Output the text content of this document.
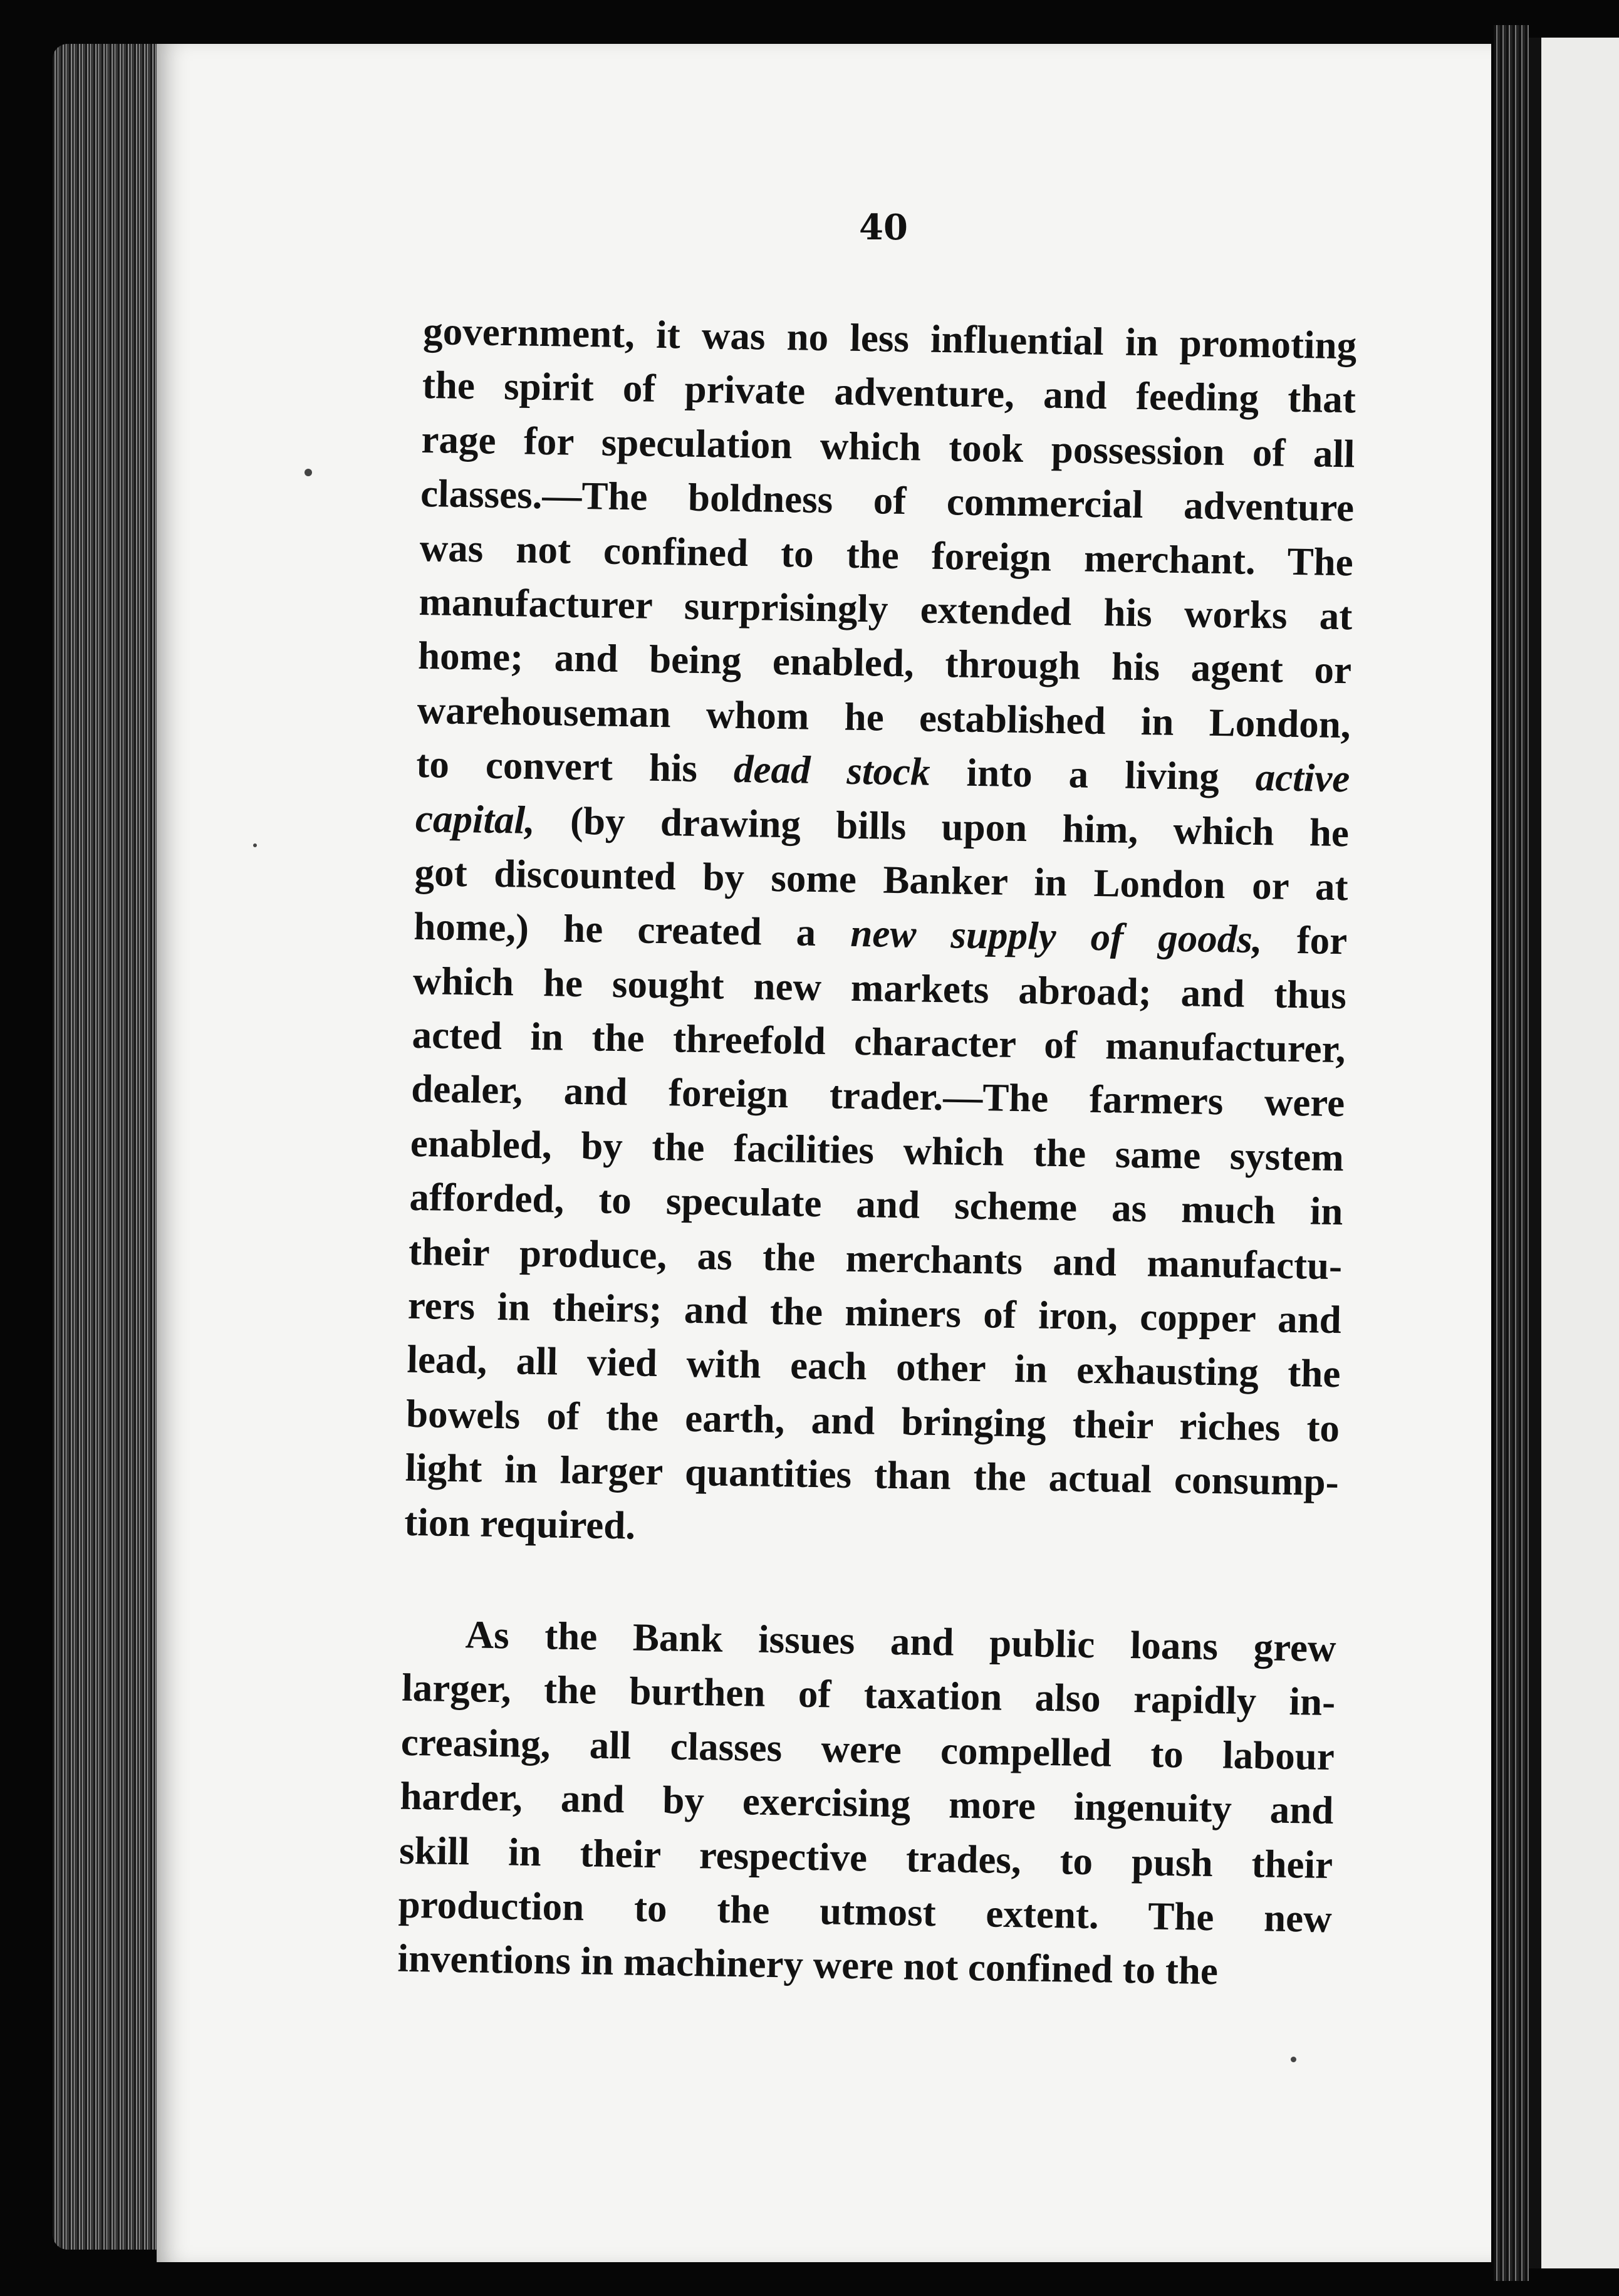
40
government, it was no less influential in promoting
the spirit of private adventure, and feeding that
rage for speculation which took possession of all
classes.—The boldness of commercial adventure
was not confined to the foreign merchant. The
manufacturer surprisingly extended his works at
home; and being enabled, through his agent or
warehouseman whom he established in London,
to convert his dead stock into a living active
capital, (by drawing bills upon him, which he
got discounted by some Banker in London or at
home,) he created a new supply of goods, for
which he sought new markets abroad; and thus
acted in the threefold character of manufacturer,
dealer, and foreign trader.—The farmers were
enabled, by the facilities which the same system
afforded, to speculate and scheme as much in
their produce, as the merchants and manufactu-
rers in theirs; and the miners of iron, copper and
lead, all vied with each other in exhausting the
bowels of the earth, and bringing their riches to
light in larger quantities than the actual consump-
tion required.
As the Bank issues and public loans grew
larger, the burthen of taxation also rapidly in-
creasing, all classes were compelled to labour
harder, and by exercising more ingenuity and
skill in their respective trades, to push their
production to the utmost extent. The new
inventions in machinery were not confined to the
